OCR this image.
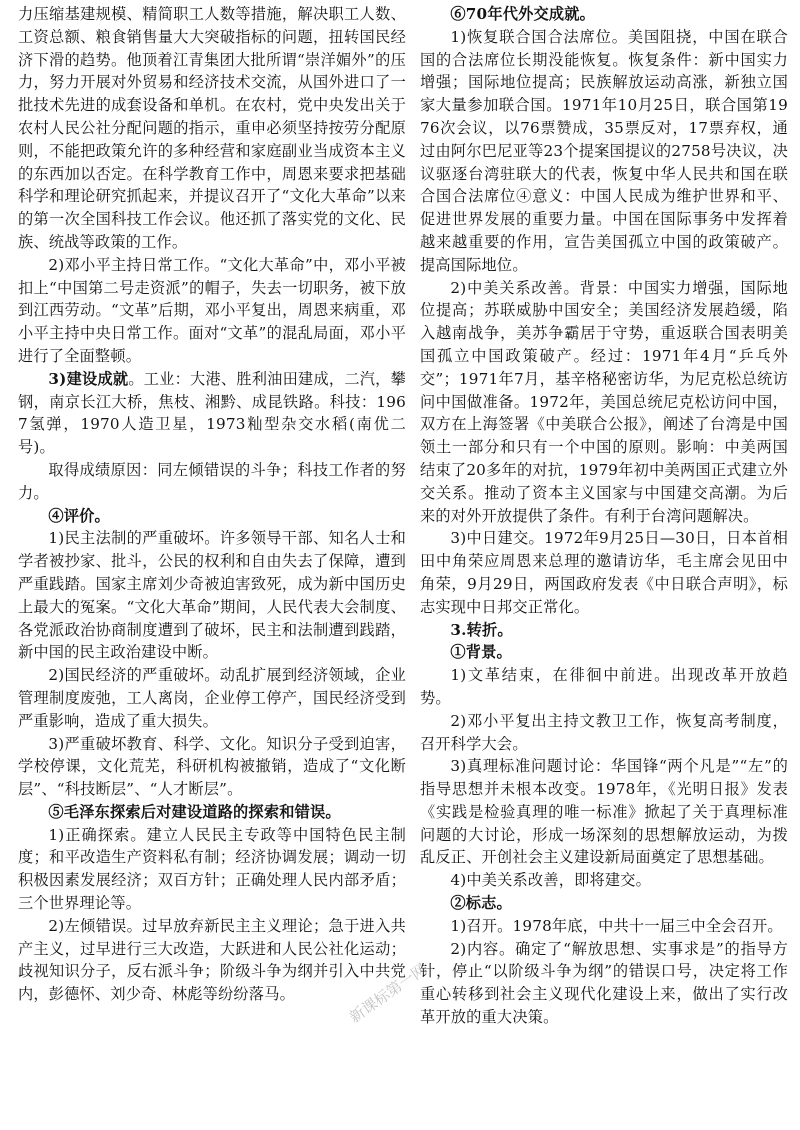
力压缩基建规模、精简职工人数等措施，解决职工人数、工资总额、粮食销售量大大突破指标的问题，扭转国民经济下滑的趋势。他顶着江青集团大批所谓“崇洋媚外”的压力，努力开展对外贸易和经济技术交流，从国外进口了一批技术先进的成套设备和单机。在农村，党中央发出关于农村人民公社分配问题的指示，重申必须坚持按劳分配原则，不能把政策允许的多种经营和家庭副业当成资本主义的东西加以否定。在科学教育工作中，周恩来要求把基础科学和理论研究抓起来，并提议召开了“文化大革命”以来的第一次全国科技工作会议。他还抓了落实党的文化、民族、统战等政策的工作。

2)邓小平主持日常工作。“文化大革命”中，邓小平被扣上“中国第二号走资派”的帽子，失去一切职务，被下放到江西劳动。“文革”后期，邓小平复出，周恩来病重，邓小平主持中央日常工作。面对“文革”的混乱局面，邓小平进行了全面整顿。

3)建设成就。工业：大港、胜利油田建成，二汽，攀钢，南京长江大桥，焦枝、湘黔、成昆铁路。科技：1967氢弹，1970人造卫星，1973籼型杂交水稻(南优二号)。

取得成绩原因：同左倾错误的斗争；科技工作者的努力。

④评价。

1)民主法制的严重破坏。许多领导干部、知名人士和学者被抄家、批斗，公民的权利和自由失去了保障，遭到严重践踏。国家主席刘少奇被迫害致死，成为新中国历史上最大的冤案。“文化大革命”期间，人民代表大会制度、各党派政治协商制度遭到了破坏，民主和法制遭到践踏，新中国的民主政治建设中断。

2)国民经济的严重破坏。动乱扩展到经济领域，企业管理制度废弛，工人离岗，企业停工停产，国民经济受到严重影响，造成了重大损失。

3)严重破坏教育、科学、文化。知识分子受到迫害，学校停课，文化荒芜，科研机构被撤销，造成了“文化断层”、“科技断层”、“人才断层”。

⑤毛泽东探索后对建设道路的探索和错误。

1)正确探索。建立人民民主专政等中国特色民主制度；和平改造生产资料私有制；经济协调发展；调动一切积极因素发展经济；双百方针；正确处理人民内部矛盾；三个世界理论等。

2)左倾错误。过早放弃新民主主义理论；急于进入共产主义，过早进行三大改造，大跃进和人民公社化运动；歧视知识分子，反右派斗争；阶级斗争为纲并引入中共党内，彭德怀、刘少奇、林彪等纷纷落马。

⑥70年代外交成就。

1)恢复联合国合法席位。美国阻挠，中国在联合国的合法席位长期没能恢复。恢复条件：新中国实力增强；国际地位提高；民族解放运动高涨，新独立国家大量参加联合国。1971年10月25日，联合国第1976次会议，以76票赞成，35票反对，17票弃权，通过由阿尔巴尼亚等23个提案国提议的2758号决议，决议驱逐台湾驻联大的代表，恢复中华人民共和国在联合国合法席位④意义：中国人民成为维护世界和平、促进世界发展的重要力量。中国在国际事务中发挥着越来越重要的作用，宣告美国孤立中国的政策破产。提高国际地位。

2)中美关系改善。背景：中国实力增强，国际地位提高；苏联威胁中国安全；美国经济发展趋缓，陷入越南战争，美苏争霸居于守势，重返联合国表明美国孤立中国政策破产。经过：1971年4月“乒乓外交”；1971年7月，基辛格秘密访华，为尼克松总统访问中国做准备。1972年，美国总统尼克松访问中国，双方在上海签署《中美联合公报》，阐述了台湾是中国领土一部分和只有一个中国的原则。影响：中美两国结束了20多年的对抗，1979年初中美两国正式建立外交关系。推动了资本主义国家与中国建交高潮。为后来的对外开放提供了条件。有利于台湾问题解决。

3)中日建交。1972年9月25日—30日，日本首相田中角荣应周恩来总理的邀请访华，毛主席会见田中角荣，9月29日，两国政府发表《中日联合声明》，标志实现中日邦交正常化。

3.转折。

①背景。

1)文革结束，在徘徊中前进。出现改革开放趋势。

2)邓小平复出主持文教卫工作，恢复高考制度，召开科学大会。

3)真理标准问题讨论：华国锋“两个凡是”“左”的指导思想并未根本改变。1978年，《光明日报》发表《实践是检验真理的唯一标准》掀起了关于真理标准问题的大讨论，形成一场深刻的思想解放运动，为拨乱反正、开创社会主义建设新局面奠定了思想基础。

4)中美关系改善，即将建交。

②标志。

1)召开。1978年底，中共十一届三中全会召开。

2)内容。确定了“解放思想、实事求是”的指导方针，停止“以阶级斗争为纲”的错误口号，决定将工作重心转移到社会主义现代化建设上来，做出了实行改革开放的重大决策。

新课标第一网
